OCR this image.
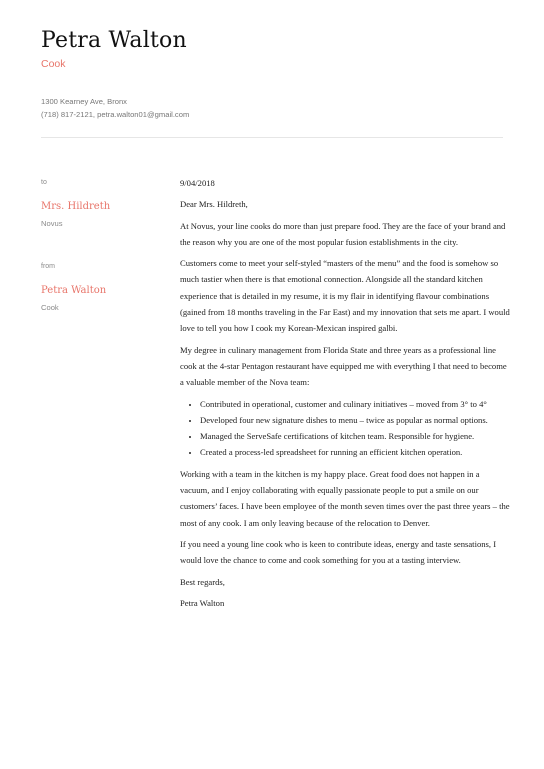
Petra Walton
Cook
1300 Kearney Ave, Bronx
(718) 817-2121, petra.walton01@gmail.com
to
Mrs. Hildreth
Novus
from
Petra Walton
Cook

9/04/2018

Dear Mrs. Hildreth,

At Novus, your line cooks do more than just prepare food. They are the face of your brand and the reason why you are one of the most popular fusion establishments in the city.

Customers come to meet your self-styled “masters of the menu” and the food is somehow so much tastier when there is that emotional connection. Alongside all the standard kitchen experience that is detailed in my resume, it is my flair in identifying flavour combinations (gained from 18 months traveling in the Far East) and my innovation that sets me apart. I would love to tell you how I cook my Korean-Mexican inspired galbi.

My degree in culinary management from Florida State and three years as a professional line cook at the 4-star Pentagon restaurant have equipped me with everything I that need to become a valuable member of the Nova team:

• Contributed in operational, customer and culinary initiatives – moved from 3° to 4°
• Developed four new signature dishes to menu – twice as popular as normal options.
• Managed the ServeSafe certifications of kitchen team. Responsible for hygiene.
• Created a process-led spreadsheet for running an efficient kitchen operation.

Working with a team in the kitchen is my happy place. Great food does not happen in a vacuum, and I enjoy collaborating with equally passionate people to put a smile on our customers’ faces. I have been employee of the month seven times over the past three years – the most of any cook. I am only leaving because of the relocation to Denver.

If you need a young line cook who is keen to contribute ideas, energy and taste sensations, I would love the chance to come and cook something for you at a tasting interview.

Best regards,

Petra Walton
